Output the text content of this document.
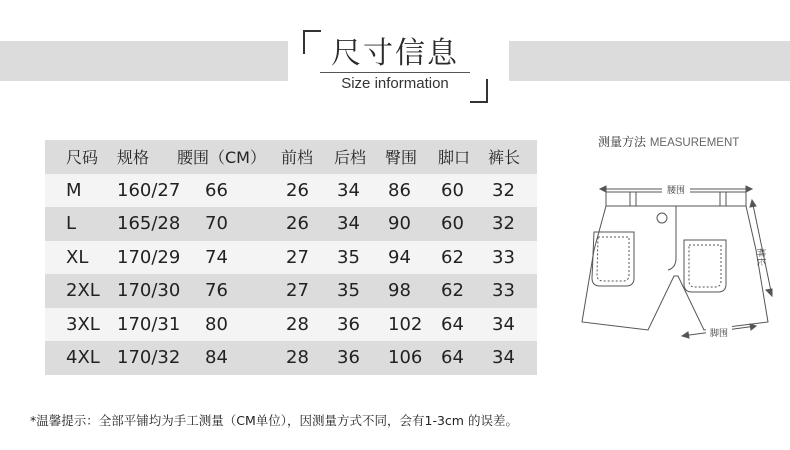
尺寸信息
Size information
尺码 规格 腰围（CM） 前档 后档 臀围 脚口 裤长
M 160/27 66	26 34 86 60 32
L 165/28 70	26 34 90 60 32
XL 170/29 74	27 35 94 62 33
2XL 170/30 76	27 35 98 62 33
3XL 170/31 80	28 36 102 64 34
4XL 170/32 84	28 36 106 64 34
测量方法 MEASUREMENT
腰围
裤长
脚围
*温馨提示：全部平铺均为手工测量（CM单位），因测量方式不同，会有1-3cm 的误差。
